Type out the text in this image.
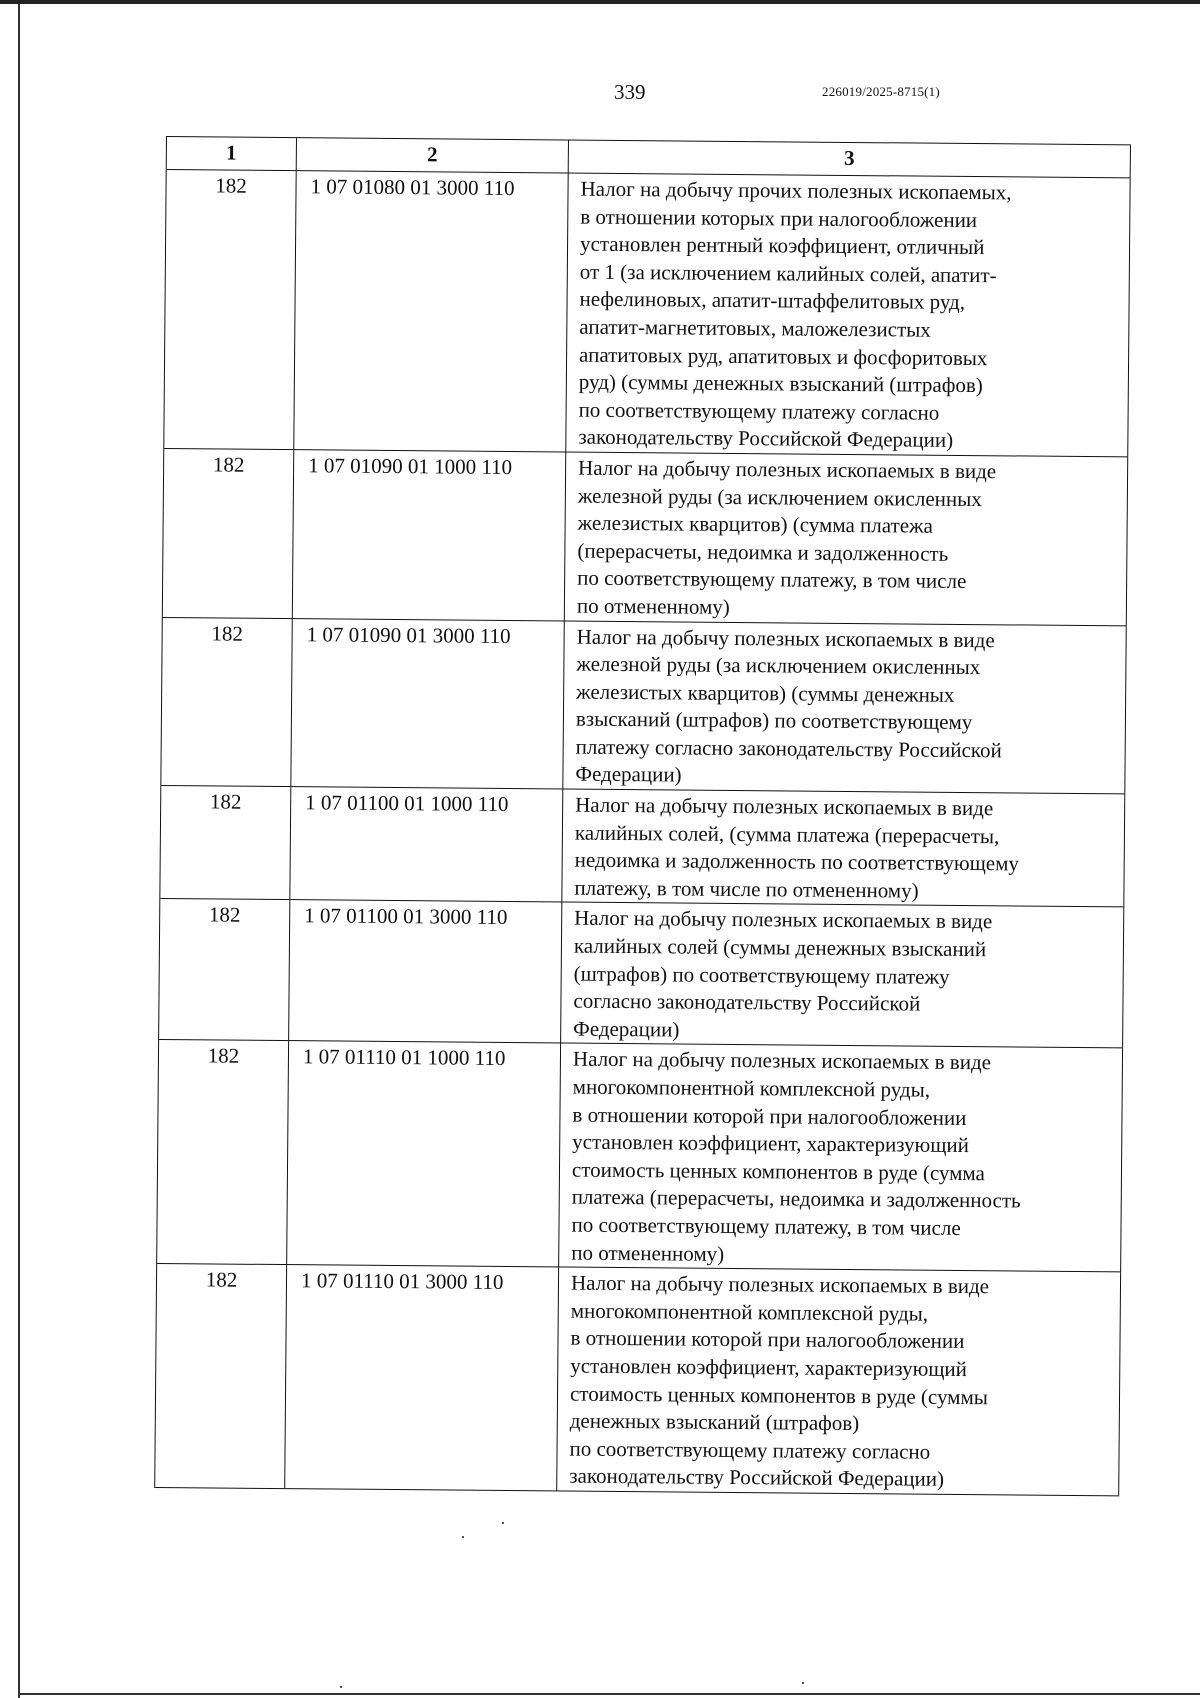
339	226019/2025-8715(1)
1	2	3
182	1 07 01080 01 3000 110	Налог на добычу прочих полезных ископаемых,
в отношении которых при налогообложении
установлен рентный коэффициент, отличный
от 1 (за исключением калийных солей, апатит-
нефелиновых, апатит-штаффелитовых руд,
апатит-магнетитовых, маложелезистых
апатитовых руд, апатитовых и фосфоритовых
руд) (суммы денежных взысканий (штрафов)
по соответствующему платежу согласно
законодательству Российской Федерации)
182	1 07 01090 01 1000 110	Налог на добычу полезных ископаемых в виде
железной руды (за исключением окисленных
железистых кварцитов) (сумма платежа
(перерасчеты, недоимка и задолженность
по соответствующему платежу, в том числе
по отмененному)
182	1 07 01090 01 3000 110	Налог на добычу полезных ископаемых в виде
железной руды (за исключением окисленных
железистых кварцитов) (суммы денежных
взысканий (штрафов) по соответствующему
платежу согласно законодательству Российской
Федерации)
182	1 07 01100 01 1000 110	Налог на добычу полезных ископаемых в виде
калийных солей, (сумма платежа (перерасчеты,
недоимка и задолженность по соответствующему
платежу, в том числе по отмененному)
182	1 07 01100 01 3000 110	Налог на добычу полезных ископаемых в виде
калийных солей (суммы денежных взысканий
(штрафов) по соответствующему платежу
согласно законодательству Российской
Федерации)
182	1 07 01110 01 1000 110	Налог на добычу полезных ископаемых в виде
многокомпонентной комплексной руды,
в отношении которой при налогообложении
установлен коэффициент, характеризующий
стоимость ценных компонентов в руде (сумма
платежа (перерасчеты, недоимка и задолженность
по соответствующему платежу, в том числе
по отмененному)
182	1 07 01110 01 3000 110	Налог на добычу полезных ископаемых в виде
многокомпонентной комплексной руды,
в отношении которой при налогообложении
установлен коэффициент, характеризующий
стоимость ценных компонентов в руде (суммы
денежных взысканий (штрафов)
по соответствующему платежу согласно
законодательству Российской Федерации)
